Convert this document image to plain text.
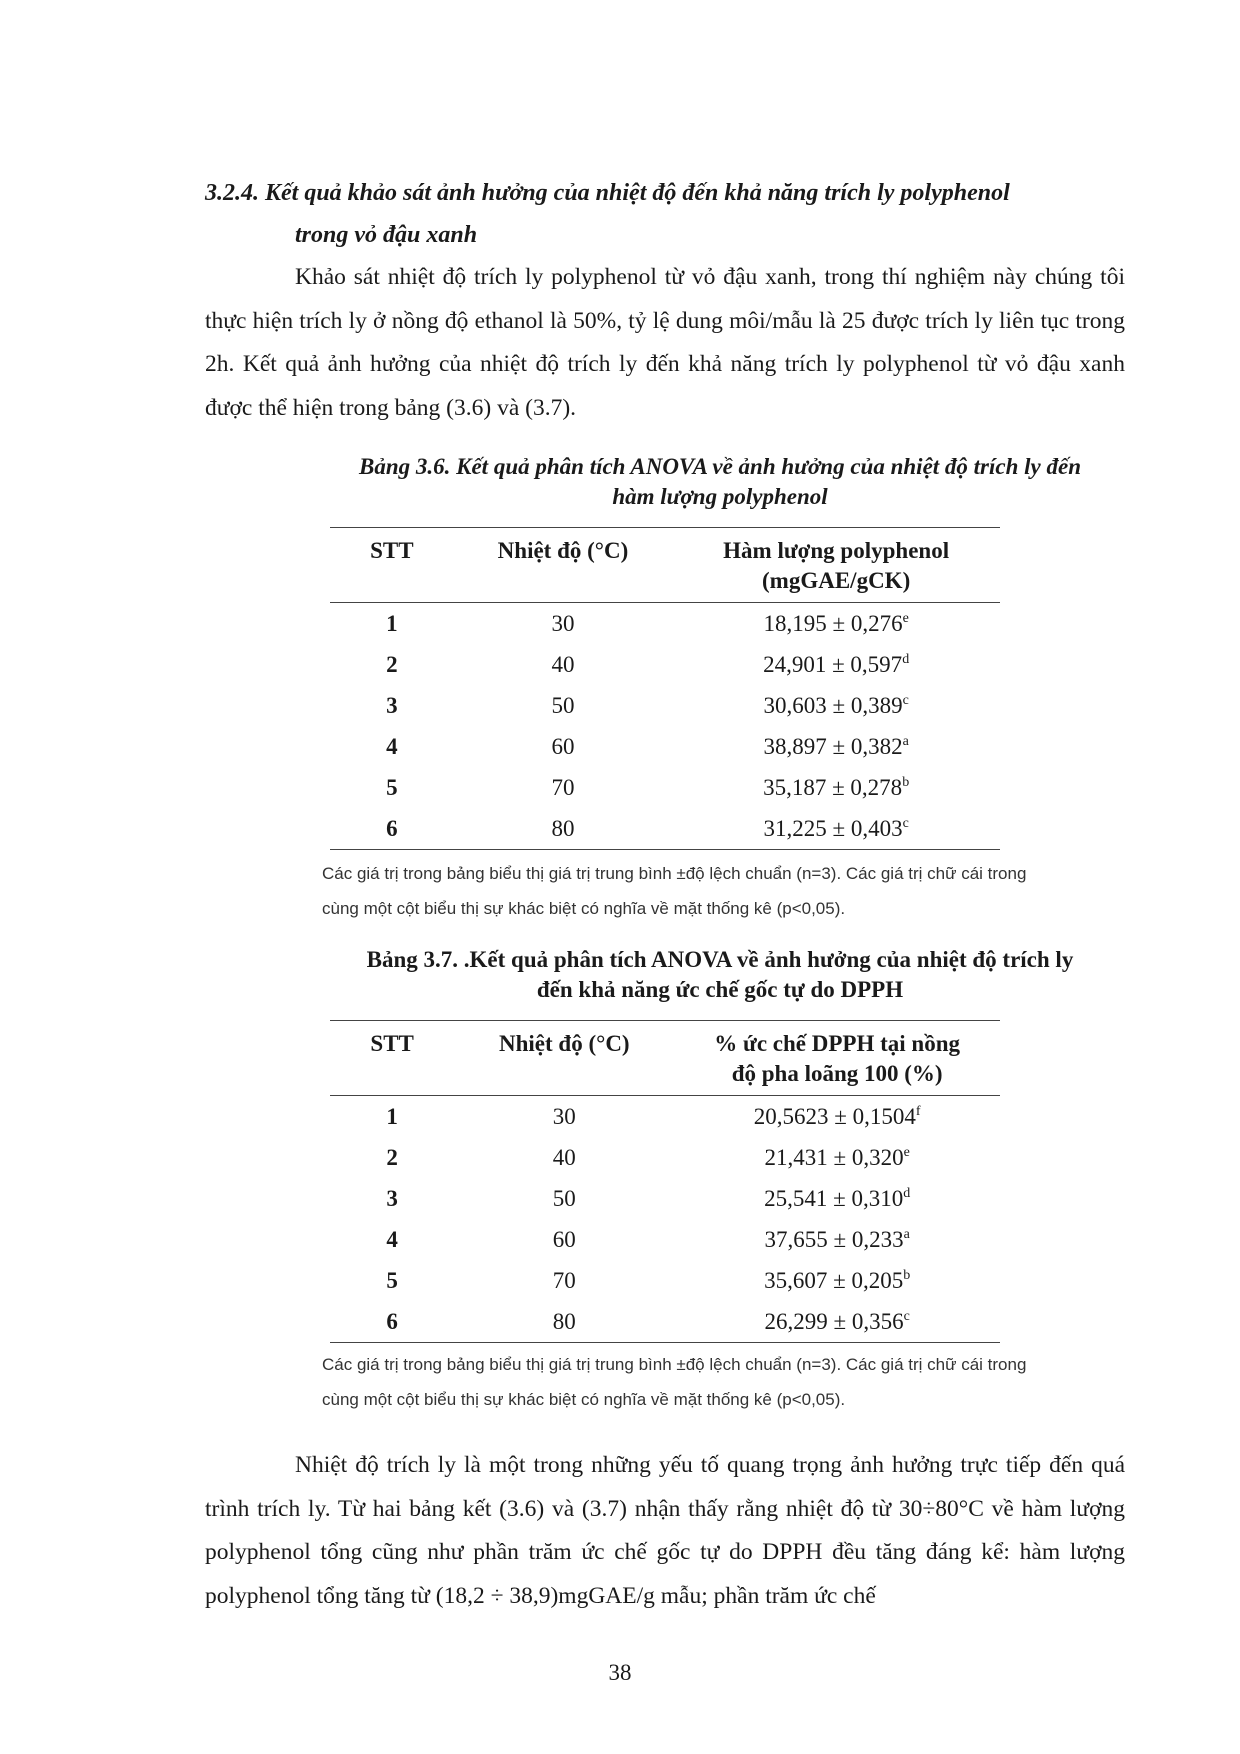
3.2.4. Kết quả khảo sát ảnh hưởng của nhiệt độ đến khả năng trích ly polyphenol
trong vỏ đậu xanh
Khảo sát nhiệt độ trích ly polyphenol từ vỏ đậu xanh, trong thí nghiệm này chúng tôi thực hiện trích ly ở nồng độ ethanol là 50%, tỷ lệ dung môi/mẫu là 25 được trích ly liên tục trong 2h. Kết quả ảnh hưởng của nhiệt độ trích ly đến khả năng trích ly polyphenol từ vỏ đậu xanh được thể hiện trong bảng (3.6) và (3.7).
Bảng 3.6. Kết quả phân tích ANOVA về ảnh hưởng của nhiệt độ trích ly đến
hàm lượng polyphenol
STT	Nhiệt độ (°C)	Hàm lượng polyphenol
(mgGAE/gCK)

1	30	18,195 ± 0,276$^e$
2	40	24,901 ± 0,597$^d$
3	50	30,603 ± 0,389$^c$
4	60	38,897 ± 0,382$^a$
5	70	35,187 ± 0,278$^b$
6	80	31,225 ± 0,403$^c$
Các giá trị trong bảng biểu thị giá trị trung bình ±độ lệch chuẩn (n=3). Các giá trị chữ cái trong
cùng một cột biểu thị sự khác biệt có nghĩa về mặt thống kê (p<0,05).
Bảng 3.7. .Kết quả phân tích ANOVA về ảnh hưởng của nhiệt độ trích ly
đến khả năng ức chế gốc tự do DPPH
STT	Nhiệt độ (°C)	% ức chế DPPH tại nồng
độ pha loãng 100 (%)

1	30	20,5623 ± 0,1504$^f$
2	40	21,431 ± 0,320$^e$
3	50	25,541 ± 0,310$^d$
4	60	37,655 ± 0,233$^a$
5	70	35,607 ± 0,205$^b$
6	80	26,299 ± 0,356$^c$
Các giá trị trong bảng biểu thị giá trị trung bình ±độ lệch chuẩn (n=3). Các giá trị chữ cái trong
cùng một cột biểu thị sự khác biệt có nghĩa về mặt thống kê (p<0,05).
Nhiệt độ trích ly là một trong những yếu tố quang trọng ảnh hưởng trực tiếp đến quá trình trích ly. Từ hai bảng kết (3.6) và (3.7) nhận thấy rằng nhiệt độ từ 30÷80°C về hàm lượng polyphenol tổng cũng như phần trăm ức chế gốc tự do DPPH đều tăng đáng kể: hàm lượng polyphenol tổng tăng từ (18,2 ÷ 38,9)mgGAE/g mẫu; phần trăm ức chế
38
